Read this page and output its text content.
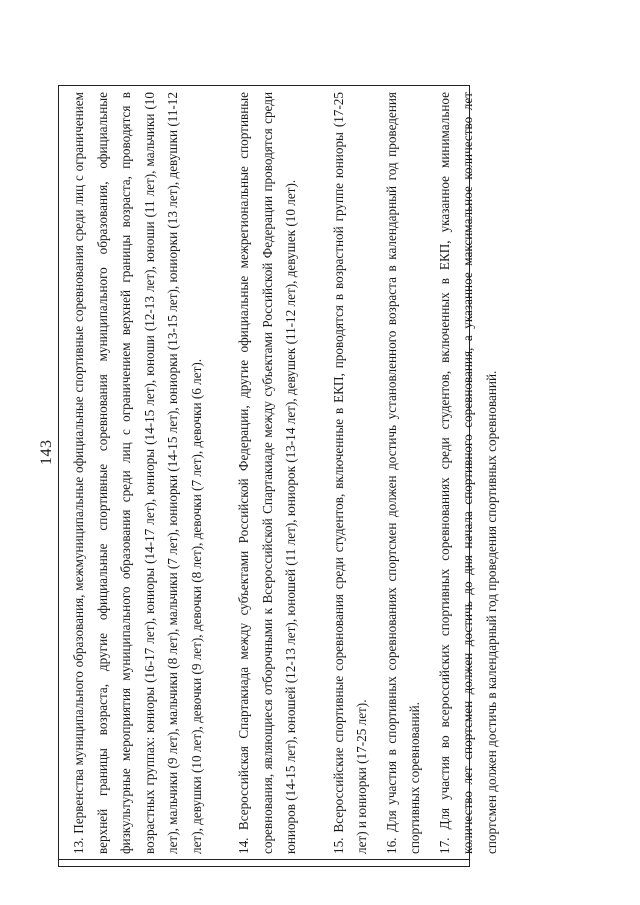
143	13. Первенства муниципального образования, межмуниципальные официальные спортивные соревнования среди лиц с ограничением верхней границы возраста, другие официальные спортивные соревнования муниципального образования, официальные физкультурные мероприятия муниципального образования среди лиц с ограничением верхней границы возраста, проводятся в возрастных группах: юниоры (16-17 лет), юниоры (14-17 лет), юниоры (14-15 лет), юноши (12-13 лет), юноши (11 лет), мальчики (10 лет), мальчики (9 лет), мальчики (8 лет), мальчики (7 лет), юниорки (14-15 лет), юниорки (13-15 лет), юниорки (13 лет), девушки (11-12 лет), девушки (10 лет), девочки (9 лет), девочки (8 лет), девочки (7 лет), девочки (6 лет).	14. Всероссийская Спартакиада между субъектами Российской Федерации, другие официальные межрегиональные спортивные соревнования, являющиеся отборочными к Всероссийской Спартакиаде между субъектами Российской Федерации проводятся среди юниоров (14-15 лет), юношей (12-13 лет), юношей (11 лет), юниорок (13-14 лет), девушек (11-12 лет), девушек (10 лет).	15. Всероссийские спортивные соревнования среди студентов, включенные в ЕКП, проводятся в возрастной группе юниоры (17-25 лет) и юниорки (17-25 лет).	16. Для участия в спортивных соревнованиях спортсмен должен достичь установленного возраста в календарный год проведения спортивных соревнований.	17. Для участия во всероссийских спортивных соревнованиях среди студентов, включенных в ЕКП, указанное минимальное количество лет спортсмен должен достичь до дня начала спортивного соревнования, а указанное максимальное количество лет спортсмен должен достичь в календарный год проведения спортивных соревнований.
